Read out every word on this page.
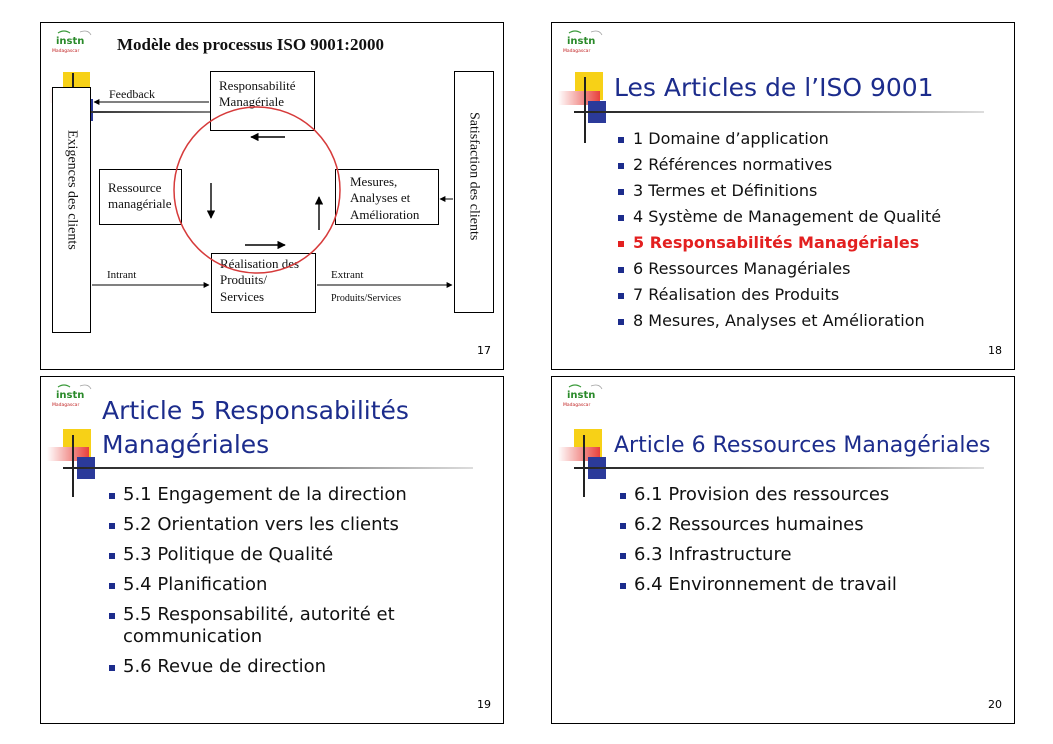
instn
Madagascar Modèle des processus ISO 9001:2000
Exigences des clients	Satisfaction des clients
Responsabilité
Managériale
Ressource
managériale
Mesures,
Analyses et
Amélioration
Réalisation des
Produits/
Services
Feedback
Intrant	Extrant
Produits/Services
17
instn
Madagascar
Les Articles de l’ISO 9001
1 Domaine d’application
2 Références normatives
3 Termes et Définitions
4 Système de Management de Qualité
5 Responsabilités Managériales
6 Ressources Managériales
7 Réalisation des Produits
8 Mesures, Analyses et Amélioration
18
instn
Madagascar Article 5 Responsabilités
Managériales
5.1 Engagement de la direction
5.2 Orientation vers les clients
5.3 Politique de Qualité
5.4 Planification
5.5 Responsabilité, autorité et communication
5.6 Revue de direction
19
instn
Madagascar
Article 6 Ressources Managériales
6.1 Provision des ressources
6.2 Ressources humaines
6.3 Infrastructure
6.4 Environnement de travail
20
